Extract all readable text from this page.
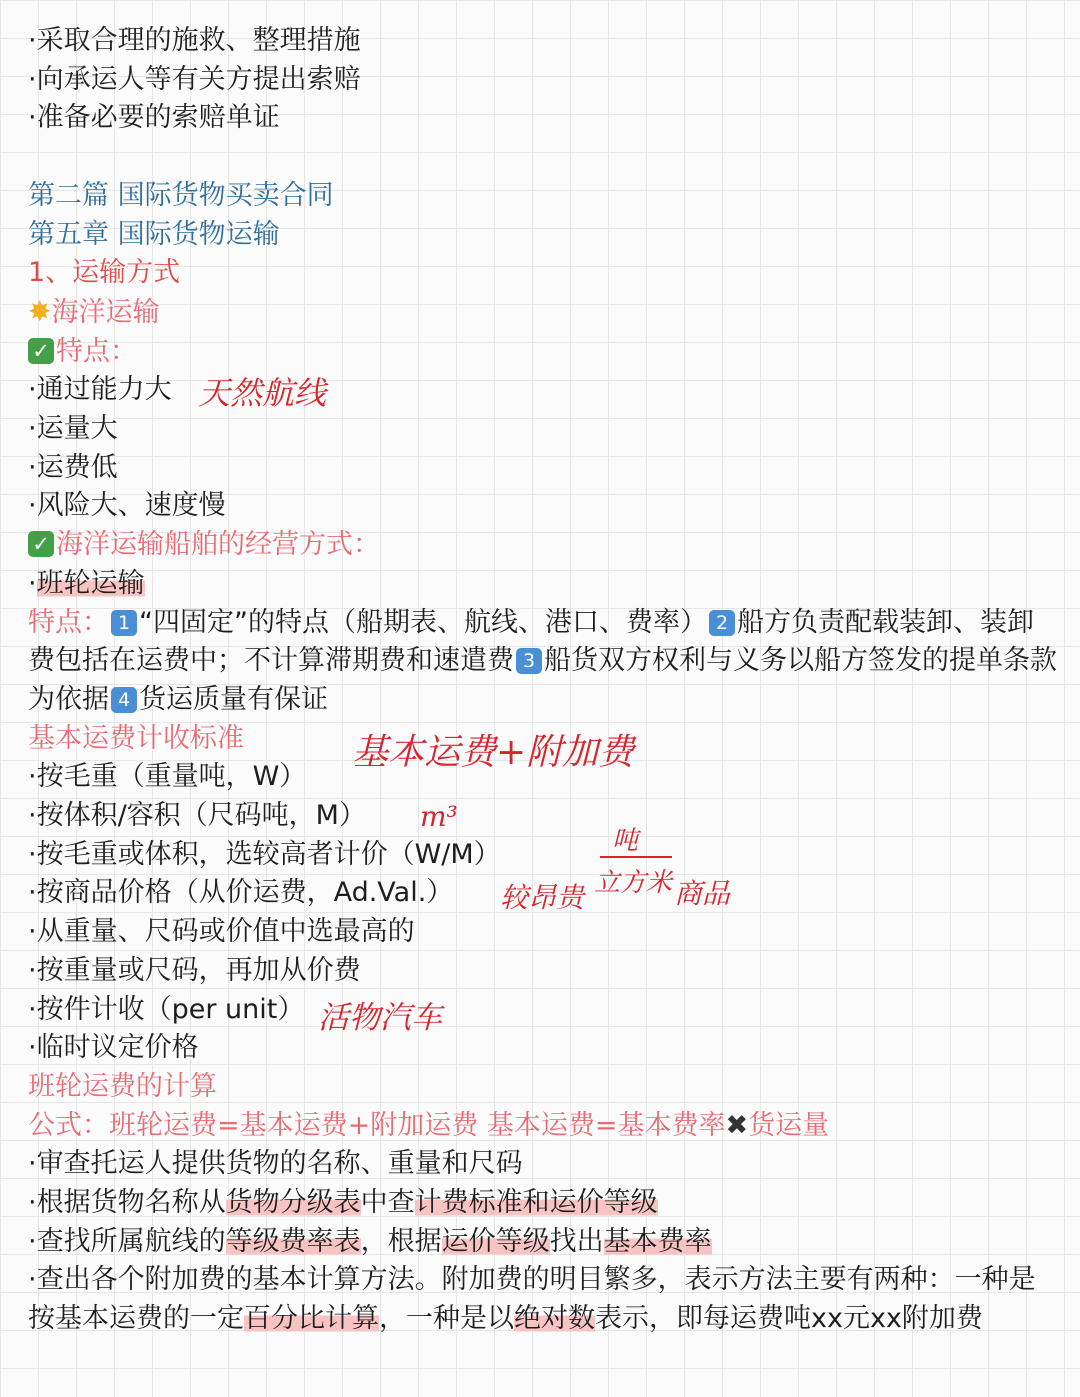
·采取合理的施救、整理措施
·向承运人等有关方提出索赔
·准备必要的索赔单证
第二篇 国际货物买卖合同
第五章 国际货物运输
1、运输方式
✸海洋运输
✓ 特点：
·通过能力大
·运量大
·运费低
·风险大、速度慢
✓ 海洋运输船舶的经营方式：
·班轮运输
特点： 1 “四固定”的特点（船期表、航线、港口、费率） 2 船方负责配载装卸、装卸费包括在运费中；不计算滞期费和速遣费 3 船货双方权利与义务以船方签发的提单条款为依据 4 货运质量有保证
基本运费计收标准
·按毛重（重量吨，W）
·按体积/容积（尺码吨，M）
·按毛重或体积，选较高者计价（W/M）
·按商品价格（从价运费，Ad.Val.）
·从重量、尺码或价值中选最高的
·按重量或尺码，再加从价费
·按件计收（per unit）
·临时议定价格
班轮运费的计算
公式：班轮运费=基本运费+附加运费 基本运费=基本费率✖货运量
·审查托运人提供货物的名称、重量和尺码
·根据货物名称从货物分级表中查计费标准和运价等级
·查找所属航线的等级费率表，根据运价等级找出基本费率
·查出各个附加费的基本计算方法。附加费的明目繁多，表示方法主要有两种：一种是按基本运费的一定百分比计算，一种是以绝对数表示，即每运费吨xx元xx附加费
天然航线
基本运费+附加费
m³
吨
立方米
较昂贵	商品
活物汽车
